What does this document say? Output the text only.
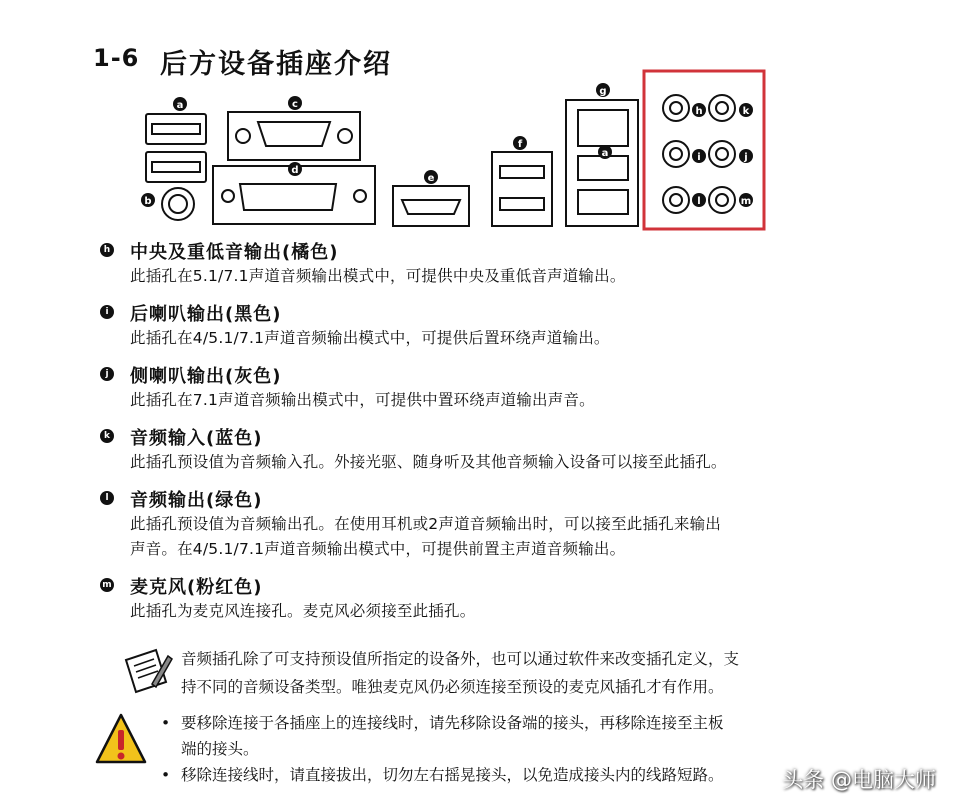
1-6 后方设备插座介绍
a
b
c
d
e
f
g
a
h	k
i	j
l	m
h 中央及重低音输出(橘色)
此插孔在5.1/7.1声道音频输出模式中，可提供中央及重低音声道输出。
i	后喇叭输出(黑色)
此插孔在4/5.1/7.1声道音频输出模式中，可提供后置环绕声道输出。
j	侧喇叭输出(灰色)
此插孔在7.1声道音频输出模式中，可提供中置环绕声道输出声音。
k 音频输入(蓝色)
此插孔预设值为音频输入孔。外接光驱、随身听及其他音频输入设备可以接至此插孔。
l	音频输出(绿色)
此插孔预设值为音频输出孔。在使用耳机或2声道音频输出时，可以接至此插孔来输出
声音。在4/5.1/7.1声道音频输出模式中，可提供前置主声道音频输出。
m 麦克风(粉红色)
此插孔为麦克风连接孔。麦克风必须接至此插孔。
音频插孔除了可支持预设值所指定的设备外，也可以通过软件来改变插孔定义，支
持不同的音频设备类型。唯独麦克风仍必须连接至预设的麦克风插孔才有作用。
• 要移除连接于各插座上的连接线时，请先移除设备端的接头，再移除连接至主板
端的接头。
• 移除连接线时，请直接拔出，切勿左右摇晃接头，以免造成接头内的线路短路。	头条 @电脑大师
